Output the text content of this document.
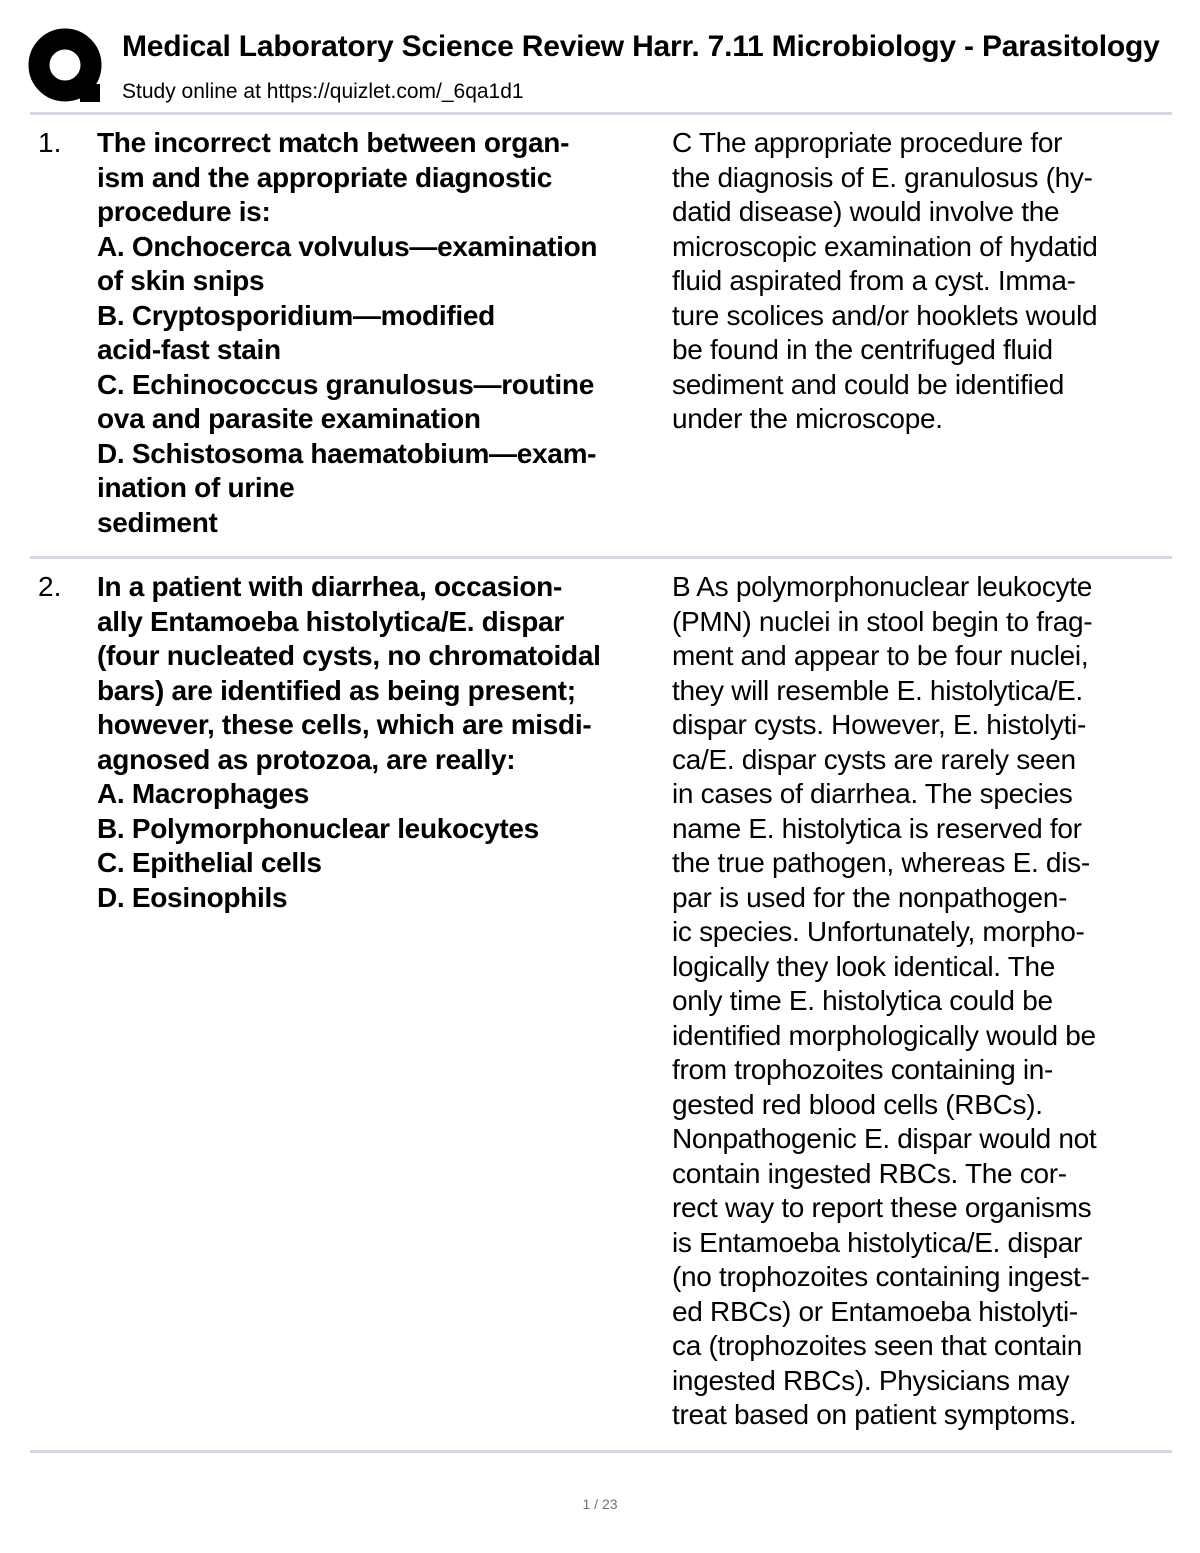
Medical Laboratory Science Review Harr. 7.11 Microbiology - Parasitology
Study online at https://quizlet.com/_6qa1d1
1. The incorrect match between organ-
ism and the appropriate diagnostic
procedure is:
A. Onchocerca volvulus—examination
of skin snips
B. Cryptosporidium—modified
acid-fast stain
C. Echinococcus granulosus—routine
ova and parasite examination
D. Schistosoma haematobium—exam-
ination of urine
sediment
C The appropriate procedure for
the diagnosis of E. granulosus (hy-
datid disease) would involve the
microscopic examination of hydatid
fluid aspirated from a cyst. Imma-
ture scolices and/or hooklets would
be found in the centrifuged fluid
sediment and could be identified
under the microscope.
2. In a patient with diarrhea, occasion-
ally Entamoeba histolytica/E. dispar
(four nucleated cysts, no chromatoidal
bars) are identified as being present;
however, these cells, which are misdi-
agnosed as protozoa, are really:
A. Macrophages
B. Polymorphonuclear leukocytes
C. Epithelial cells
D. Eosinophils
B As polymorphonuclear leukocyte
(PMN) nuclei in stool begin to frag-
ment and appear to be four nuclei,
they will resemble E. histolytica/E.
dispar cysts. However, E. histolyti-
ca/E. dispar cysts are rarely seen
in cases of diarrhea. The species
name E. histolytica is reserved for
the true pathogen, whereas E. dis-
par is used for the nonpathogen-
ic species. Unfortunately, morpho-
logically they look identical. The
only time E. histolytica could be
identified morphologically would be
from trophozoites containing in-
gested red blood cells (RBCs).
Nonpathogenic E. dispar would not
contain ingested RBCs. The cor-
rect way to report these organisms
is Entamoeba histolytica/E. dispar
(no trophozoites containing ingest-
ed RBCs) or Entamoeba histolyti-
ca (trophozoites seen that contain
ingested RBCs). Physicians may
treat based on patient symptoms.
1 / 23
